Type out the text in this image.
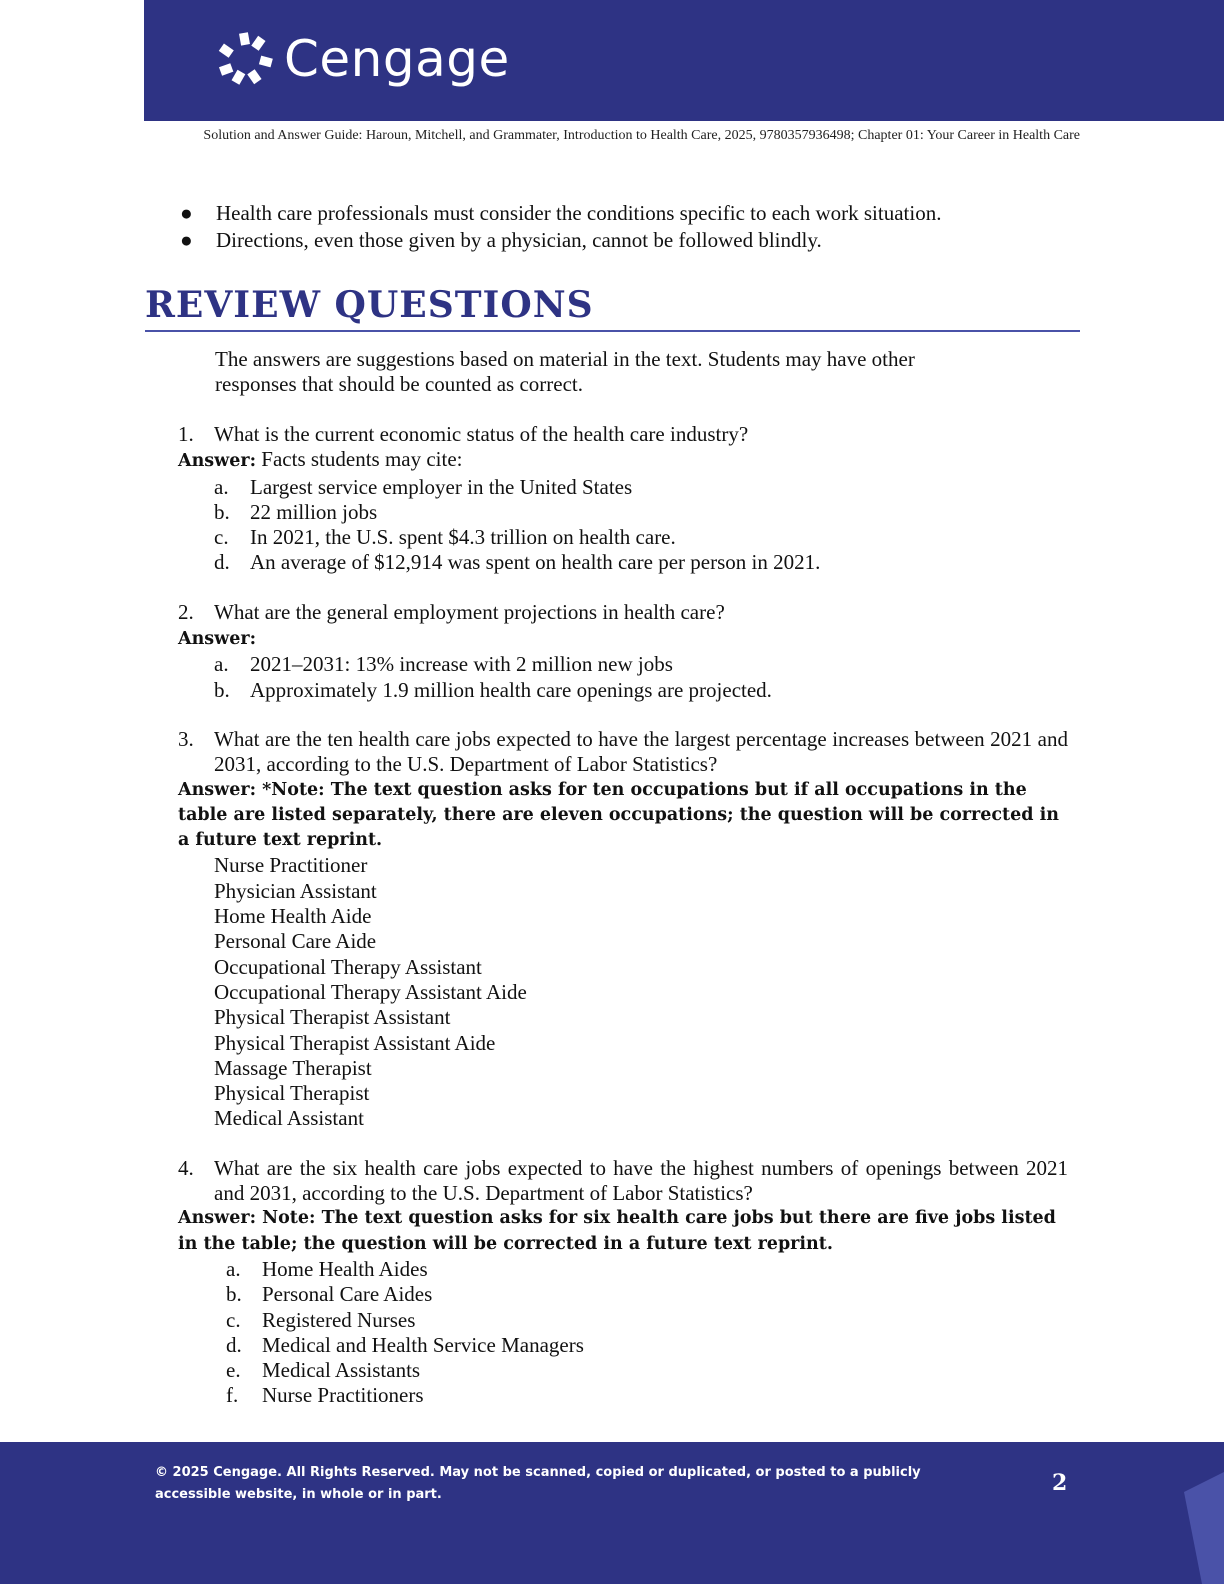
Cengage
Solution and Answer Guide: Haroun, Mitchell, and Grammater, Introduction to Health Care, 2025, 9780357936498; Chapter 01: Your Career in Health Care
● Health care professionals must consider the conditions specific to each work situation.
● Directions, even those given by a physician, cannot be followed blindly.
REVIEW QUESTIONS
The answers are suggestions based on material in the text. Students may have other responses that should be counted as correct.
1. What is the current economic status of the health care industry?
Answer: Facts students may cite:
a.	Largest service employer in the United States
b. 22 million jobs
c.	In 2021, the U.S. spent $4.3 trillion on health care.
d. An average of $12,914 was spent on health care per person in 2021.
2. What are the general employment projections in health care?
Answer:
a.	2021–2031: 13% increase with 2 million new jobs
b. Approximately 1.9 million health care openings are projected.
3. What are the ten health care jobs expected to have the largest percentage increases between 2021 and 2031, according to the U.S. Department of Labor Statistics?
Answer: *Note: The text question asks for ten occupations but if all occupations in the table are listed separately, there are eleven occupations; the question will be corrected in a future text reprint.
Nurse Practitioner
Physician Assistant
Home Health Aide
Personal Care Aide
Occupational Therapy Assistant
Occupational Therapy Assistant Aide
Physical Therapist Assistant
Physical Therapist Assistant Aide
Massage Therapist
Physical Therapist
Medical Assistant
4. What are the six health care jobs expected to have the highest numbers of openings between 2021 and 2031, according to the U.S. Department of Labor Statistics?
Answer: Note: The text question asks for six health care jobs but there are five jobs listed in the table; the question will be corrected in a future text reprint.
a.	Home Health Aides
b. Personal Care Aides
c.	Registered Nurses
d. Medical and Health Service Managers
e.	Medical Assistants
f.	Nurse Practitioners
© 2025 Cengage. All Rights Reserved. May not be scanned, copied or duplicated, or posted to a publicly accessible website, in whole or in part.	2
